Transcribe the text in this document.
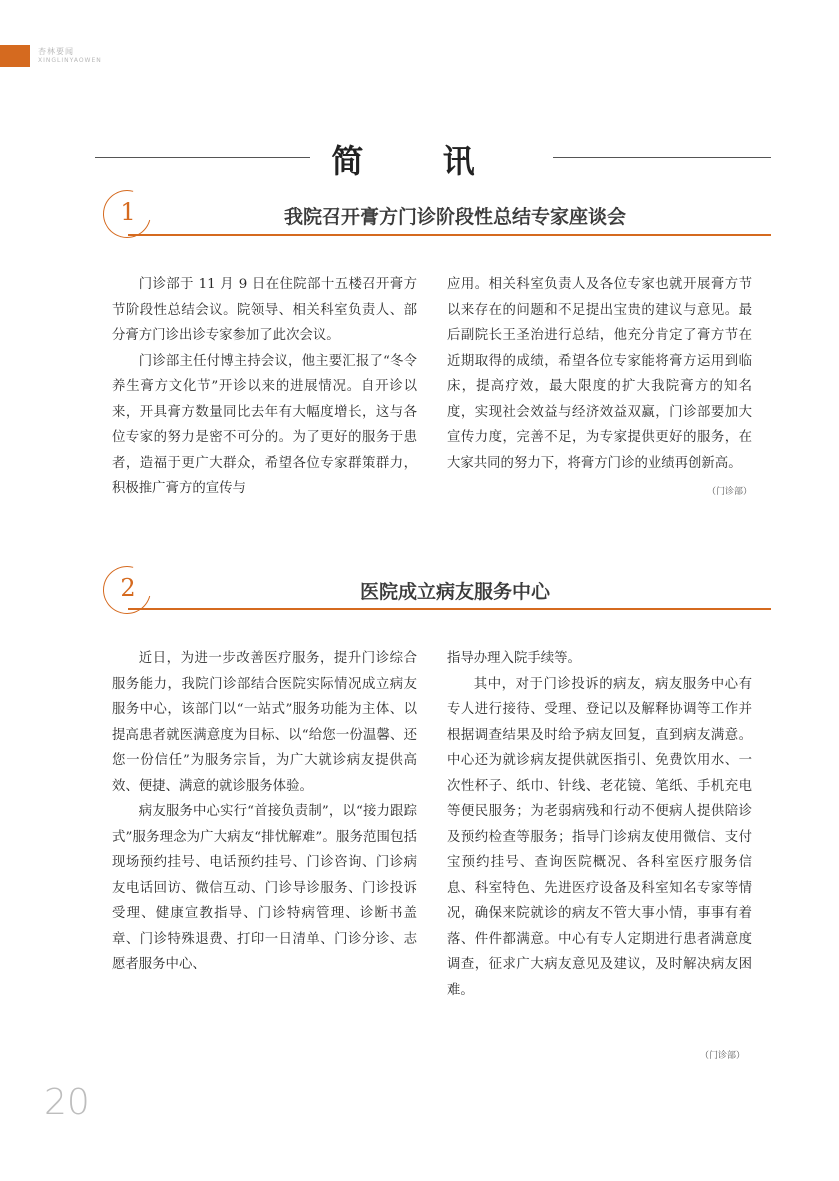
杏林要闻
XINGLINYAOWEN
简 讯
1	我院召开膏方门诊阶段性总结专家座谈会

门诊部于 11 月 9 日在住院部十五楼召开膏方节阶段性总结会议。院领导、相关科室负责人、部分膏方门诊出诊专家参加了此次会议。

门诊部主任付博主持会议，他主要汇报了“冬令养生膏方文化节”开诊以来的进展情况。自开诊以来，开具膏方数量同比去年有大幅度增长，这与各位专家的努力是密不可分的。为了更好的服务于患者，造福于更广大群众，希望各位专家群策群力，积极推广膏方的宣传与

应用。相关科室负责人及各位专家也就开展膏方节以来存在的问题和不足提出宝贵的建议与意见。最后副院长王圣治进行总结，他充分肯定了膏方节在近期取得的成绩，希望各位专家能将膏方运用到临床，提高疗效，最大限度的扩大我院膏方的知名度，实现社会效益与经济效益双赢，门诊部要加大宣传力度，完善不足，为专家提供更好的服务，在大家共同的努力下，将膏方门诊的业绩再创新高。

（门诊部）
2	医院成立病友服务中心

近日，为进一步改善医疗服务，提升门诊综合服务能力，我院门诊部结合医院实际情况成立病友服务中心，该部门以“一站式”服务功能为主体、以提高患者就医满意度为目标、以“给您一份温馨、还您一份信任”为服务宗旨，为广大就诊病友提供高效、便捷、满意的就诊服务体验。

病友服务中心实行“首接负责制”，以“接力跟踪式”服务理念为广大病友“排忧解难”。服务范围包括现场预约挂号、电话预约挂号、门诊咨询、门诊病友电话回访、微信互动、门诊导诊服务、门诊投诉受理、健康宣教指导、门诊特病管理、诊断书盖章、门诊特殊退费、打印一日清单、门诊分诊、志愿者服务中心、

指导办理入院手续等。

其中，对于门诊投诉的病友，病友服务中心有专人进行接待、受理、登记以及解释协调等工作并根据调查结果及时给予病友回复，直到病友满意。中心还为就诊病友提供就医指引、免费饮用水、一次性杯子、纸巾、针线、老花镜、笔纸、手机充电等便民服务；为老弱病残和行动不便病人提供陪诊及预约检查等服务；指导门诊病友使用微信、支付宝预约挂号、查询医院概况、各科室医疗服务信息、科室特色、先进医疗设备及科室知名专家等情况，确保来院就诊的病友不管大事小情，事事有着落、件件都满意。中心有专人定期进行患者满意度调查，征求广大病友意见及建议，及时解决病友困难。

（门诊部）
20
